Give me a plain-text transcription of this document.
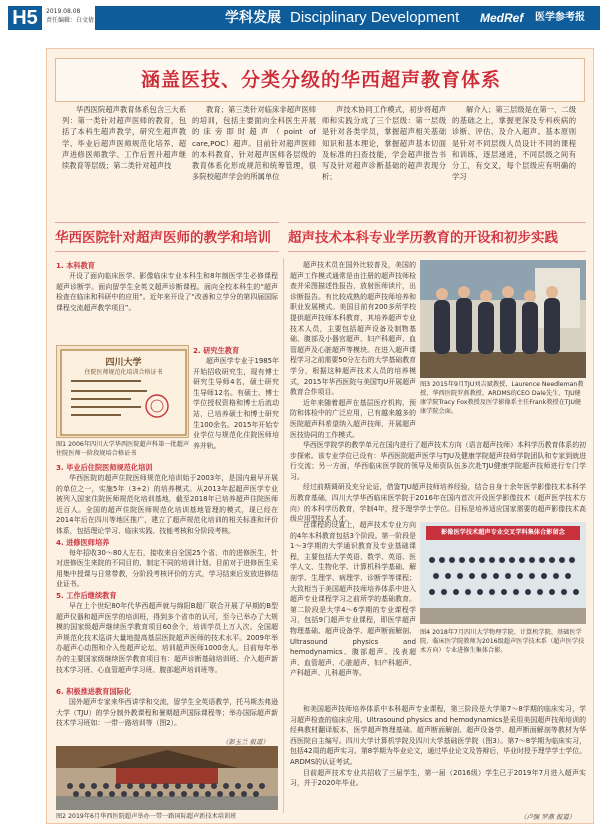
H5	2019.08.08
责任编辑：白文倩	学科发展 Disciplinary Development MedRef 医学参考报
涵盖医技、分类分级的华西超声教育体系
华西医院超声教育体系包含三大系列：第一类针对超声医师的教育，包括了本科生超声教学，研究生超声教学、毕业后超声医师规范化培养、超声进修医师教学、工作后晋升超声继续教育等层级；第二类针对超声技
教育；第三类针对临床非超声医师的培训，包括主要面向全科医生开展的床旁即时超声（point of care,POC）超声。目前针对超声医师的本科教育、针对超声医师各层级的教育体系化形成规范和统筹管理，很多院校超声学会的所属单位
声技术协同工作模式，初步将超声师和实践分成了三个层级：第一层级是针对各类学员，掌握超声相关基础知识和基本理论，掌握超声基本切面及标准的扫查技能，学会超声报告书写及针对超声诊断基础的超声表现分析；
解介入；第三层级是在第一、二级的基础之上，掌握更深及专科疾病的诊断、评估、及介入超声。基本原则是针对不同层级人员设计不同的课程和训练，逐层递进，不同层级之间有分工，有交叉，每个层级应有明确的学习
华西医院针对超声医师的教学和培训	超声技术本科专业学历教育的开设和初步实践
1. 本科教育

开设了面向临床医学、影像临床专业本科生和8年制医学生必修课程超声诊断学。面向留学生全英文超声诊断课程。面向全校本科生的“超声检查在临床和科研中的应用”。近年来开设了“改善和立学分的第四届国际课程交流超声教学项目”。

四川大学
住院医师规范化培训合格证书
2. 研究生教育

超声医学专业于1985年开始招收研究生，现有博士研究生导师4名，硕士研究生导师12名。有硕士、博士学位授权资格和博士后流动站，已培养硕士和博士研究生100余名。2015年开始专业学位与规范化住院医师培养并轨。

图1 2006年四川大学华西医院超声科第一批超声住院医师一阶段规培合格证书
3. 毕业后住院医师规范化培训

华西医院的超声住院医师规范化培训始于2003年，是国内最早开展的单位之一，实施5年（3+2）的培养模式。从2013年起超声医学专业被列入国家住院医师规范化培训基地，截至2018年已培养超声住院医师近百人。全国的超声住院医师规范化培训基地管理的模式，现已经在2014年后在四川等地区推广，建立了超声规范化培训的相关标准和评价体系，包括理论学习、临床实践、技能考核和分阶段考核。

4. 进修医师培养

每年招收30～80人左右，接收来自全国25个省、市的进修医生，针对进修医生来院的不同目的，制定不同的培训计划。目前对于进修医生采用集中授课与日常带教，分阶段考核评价的方式，学习结束后发放进修结业证书。

5. 工作后继续教育

早在上个世纪80年代华西超声就与绵阳B超厂联合开展了早期的B型超声仪器和超声医学的培训班，得到多个省市的认可，至今已举办了大规模的国家级超声继续医学教育项目60余个，培训学员上万人次。全国超声规范化技术巡讲大量地提高基层医院超声医师的技术水平。2009年举办超声心动图和介入性超声论坛，培训超声医师1000余人。目前每年举办的主要国家级继续医学教育项目有：超声诊断基础培训班、介入超声新技术学习班、心血管超声学习班、腹部超声培训班等。

6. 积极推进教育国际化

国外超声专家来华西讲学和交流，留学生全英语教学，托马斯杰弗逊大学（TJU）的学分制外教课程和暑期超声国际课程等；举办国际超声新技术学习班如：一带一路培训等（图2）。

（彭玉兰 报道）
图2 2019年6月华西医院超声举办一带一路国际超声新技术培训班

超声技术员在国外比较普及，美国的超声工作模式通常是由注册的超声技师检查并采图描述性报告，放射医师读片，出诊断报告。有比较成熟的超声技师培养和职业发展模式。美国目前有200多所学校提供超声技师本科教育，其培养超声专业技术人员，主要包括超声设备及制物基础、腹部及小器官超声、妇产科超声、血管超声及心脏超声等模块。在进入超声课程学习之前需要50分左右的大学基础教育学分，根据这种超声技术人员的培养模式，2015年华西医院与美国TJU开展超声教育合作项目。

近年来随着超声在基层医疗机构、预防和体检中的广泛应用，已有越来越多的医院超声科希望纳入超声技师，开展超声医技协同的工作模式。

图3 2015年9月TJU刘吉斌教授、Laurence Needleman教授、华西医院罗燕教授、ARDMS的CEO Dale先生、TJU健康学院Tracy Fox教授及医学影像系主任Frank教授在TJU健康学院会面。

华西医学院学的教学单元在国内进行了超声技术方向（语言超声技师）本科学历教育体系的初步探索。该专业学位已设有：华西医院超声医学与TJU及健康学院超声技师学院团队和专家到就进行交流；另一方面，华西临床医学院的领导及师资队伍多次赴TJU健康学院超声技师进行专门学习。

经过前期调研及充分论证，借鉴TJU超声技师培养经验，结合自身十余年医学影像技术本科学历教育基础，四川大学华西临床医学院于2016年在国内首次开设医学影像技术（超声医学技术方向）的本科学历教育，学制4年，授予理学学士学位。目标是培养适应国家需要的超声影像技术高级应用型技术人才。

在课程的设置上，超声技术专业方向的4年本科教育包括3个阶段。第一阶段是1～3学期的大学通识教育及专业基础课程，主要包括大学英语、数学、英语、医学人文、生物化学、计算机科学基础、解剖学、生理学、病理学、诊断学等课程；大致相当于美国超声技师培养体系中进入超声专业课程学习之前所学的基础教育。第二阶段是大学4～6学期的专业课程学习，包括9门超声专业课程，即医学超声物理基础、超声设备学、超声断面解剖、Ultrasound physics and hemodynamics、腹部超声、浅表超声、血管超声、心脏超声、妇产科超声、产科超声、儿科超声等。

影像医学技术超声专业交叉学科集体合影留念
图4 2018年7月四川大学物理学院、计算机学院、基础医学院、临床医学院教师为2016级超声医学技术系（超声医学技术方向）专业进修生集体合影。

和美国超声技师培养体系中本科超声专业课程，第三阶段是大学第7～8学期的临床实习，学习超声检查的临床应用。Ultrasound physics and hemodynamics是采用美国超声技师培训的经典教材翻译版本，医学超声物理基础、超声断面解剖、超声设备学、超声断面解剖等教材为华西医院自主编写。四川大学计算机学院及四川大学基础医学院（图3）。第7～8学期为临床实习，包括42周的超声实习。第8学期为毕业论文，通过毕业论文及答辩后，毕业时授予理学学士学位。ARDMS的认证考试。

目前超声技术专业共招收了三届学生，第一届（2016级）学生已于2019年7月进入超声实习，并于2020年毕业。

（卢强 罗燕 报道）
